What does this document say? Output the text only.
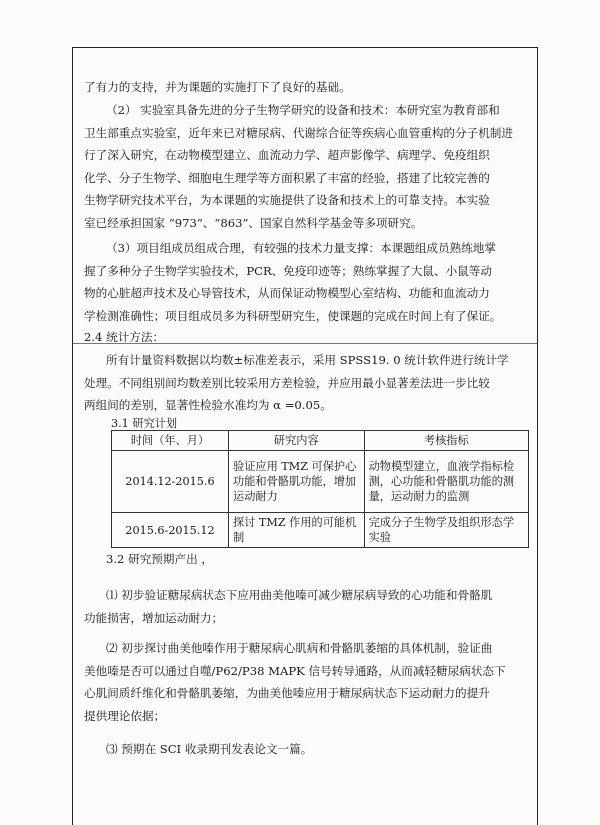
了有力的支持，并为课题的实施打下了良好的基础。
（2） 实验室具备先进的分子生物学研究的设备和技术：本研究室为教育部和
卫生部重点实验室，近年来已对糖尿病、代谢综合征等疾病心血管重构的分子机制进
行了深入研究，在动物模型建立、血流动力学、超声影像学、病理学、免疫组织
化学、分子生物学、细胞电生理学等方面积累了丰富的经验，搭建了比较完善的
生物学研究技术平台，为本课题的实施提供了设备和技术上的可靠支持。本实验
室已经承担国家 “973”、“863”、国家自然科学基金等多项研究。
（3）项目组成员组成合理，有较强的技术力量支撑：本课题组成员熟练地掌
握了多种分子生物学实验技术，PCR、免疫印迹等；熟练掌握了大鼠、小鼠等动
物的心脏超声技术及心导管技术，从而保证动物模型心室结构、功能和血流动力
学检测准确性；项目组成员多为科研型研究生，使课题的完成在时间上有了保证。
2.4 统计方法：
所有计量资料数据以均数±标准差表示，采用 SPSS19. 0 统计软件进行统计学
处理。不同组别间均数差别比较采用方差检验，并应用最小显著差法进一步比较
两组间的差别，显著性检验水准均为 α =0.05。
3.1 研究计划
时间（年、月）	研究内容	考核指标
2014.12-2015.6	验证应用 TMZ 可保护心功能和骨骼肌功能，增加运动耐力	动物模型建立，血液学指标检测，心功能和骨骼肌功能的测量，运动耐力的监测
2015.6-2015.12	探讨 TMZ 作用的可能机制	完成分子生物学及组织形态学实验
3.2 研究预期产出 ，
⑴ 初步验证糖尿病状态下应用曲美他嗪可减少糖尿病导致的心功能和骨骼肌
功能损害，增加运动耐力；
⑵ 初步探讨曲美他嗪作用于糖尿病心肌病和骨骼肌萎缩的具体机制，验证曲
美他嗪是否可以通过自噬/P62/P38 MAPK 信号转导通路，从而减轻糖尿病状态下
心肌间质纤维化和骨骼肌萎缩，为曲美他嗪应用于糖尿病状态下运动耐力的提升
提供理论依据；
⑶ 预期在 SCI 收录期刊发表论文一篇。
